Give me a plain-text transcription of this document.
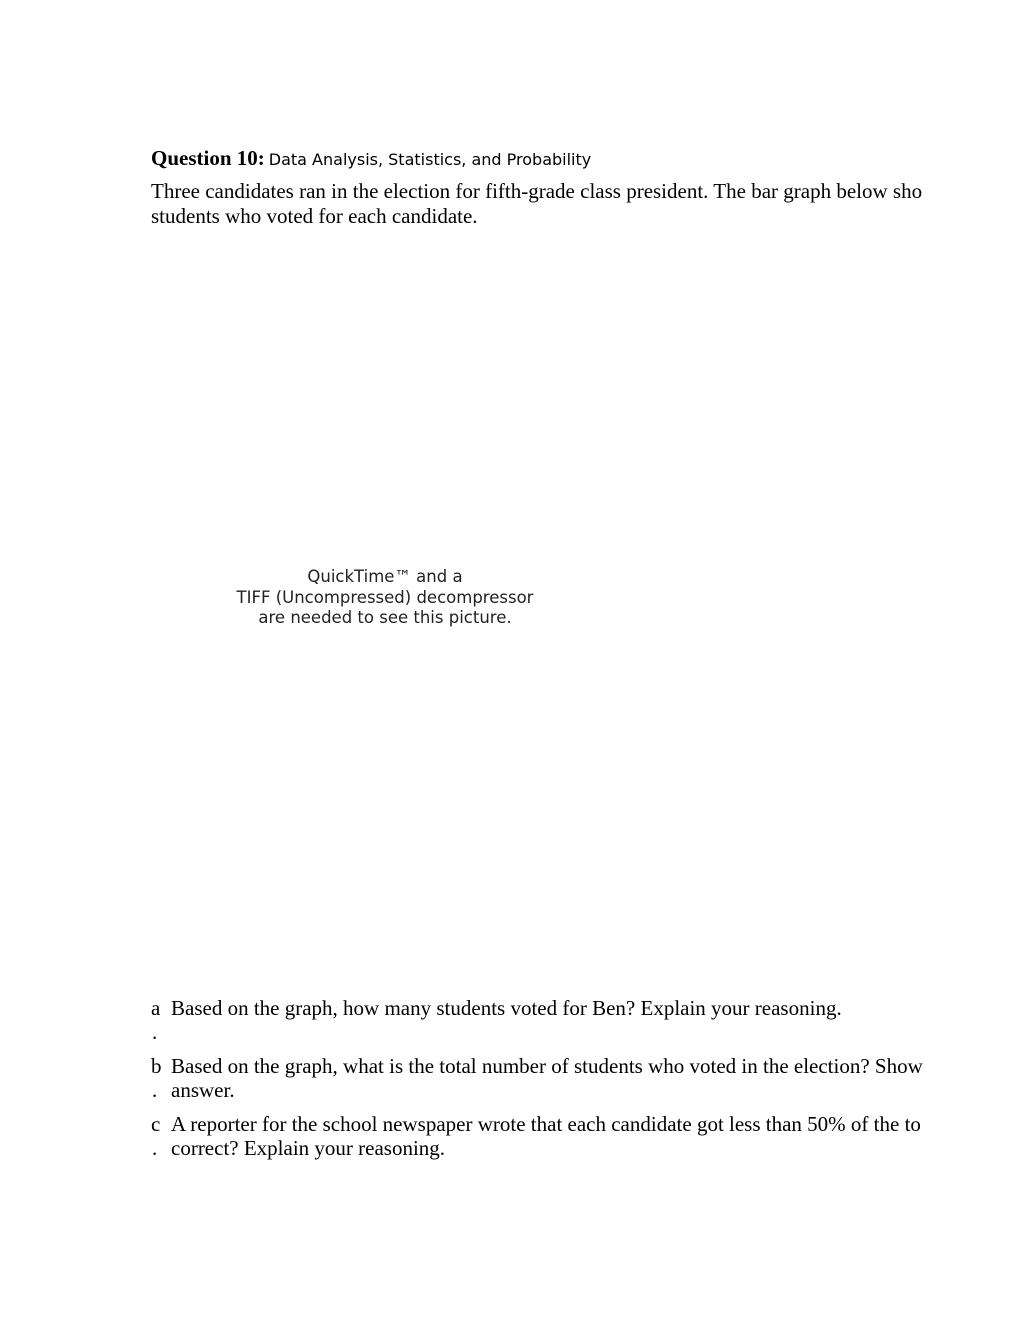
Question 10: Data Analysis, Statistics, and Probability
Three candidates ran in the election for fifth-grade class president. The bar graph below sho
students who voted for each candidate.
QuickTime™ and a
TIFF (Uncompressed) decompressor
are needed to see this picture.
a
.
Based on the graph, how many students voted for Ben? Explain your reasoning.
b
.
Based on the graph, what is the total number of students who voted in the election? Show
answer.
c
.
A reporter for the school newspaper wrote that each candidate got less than 50% of the to
correct? Explain your reasoning.
